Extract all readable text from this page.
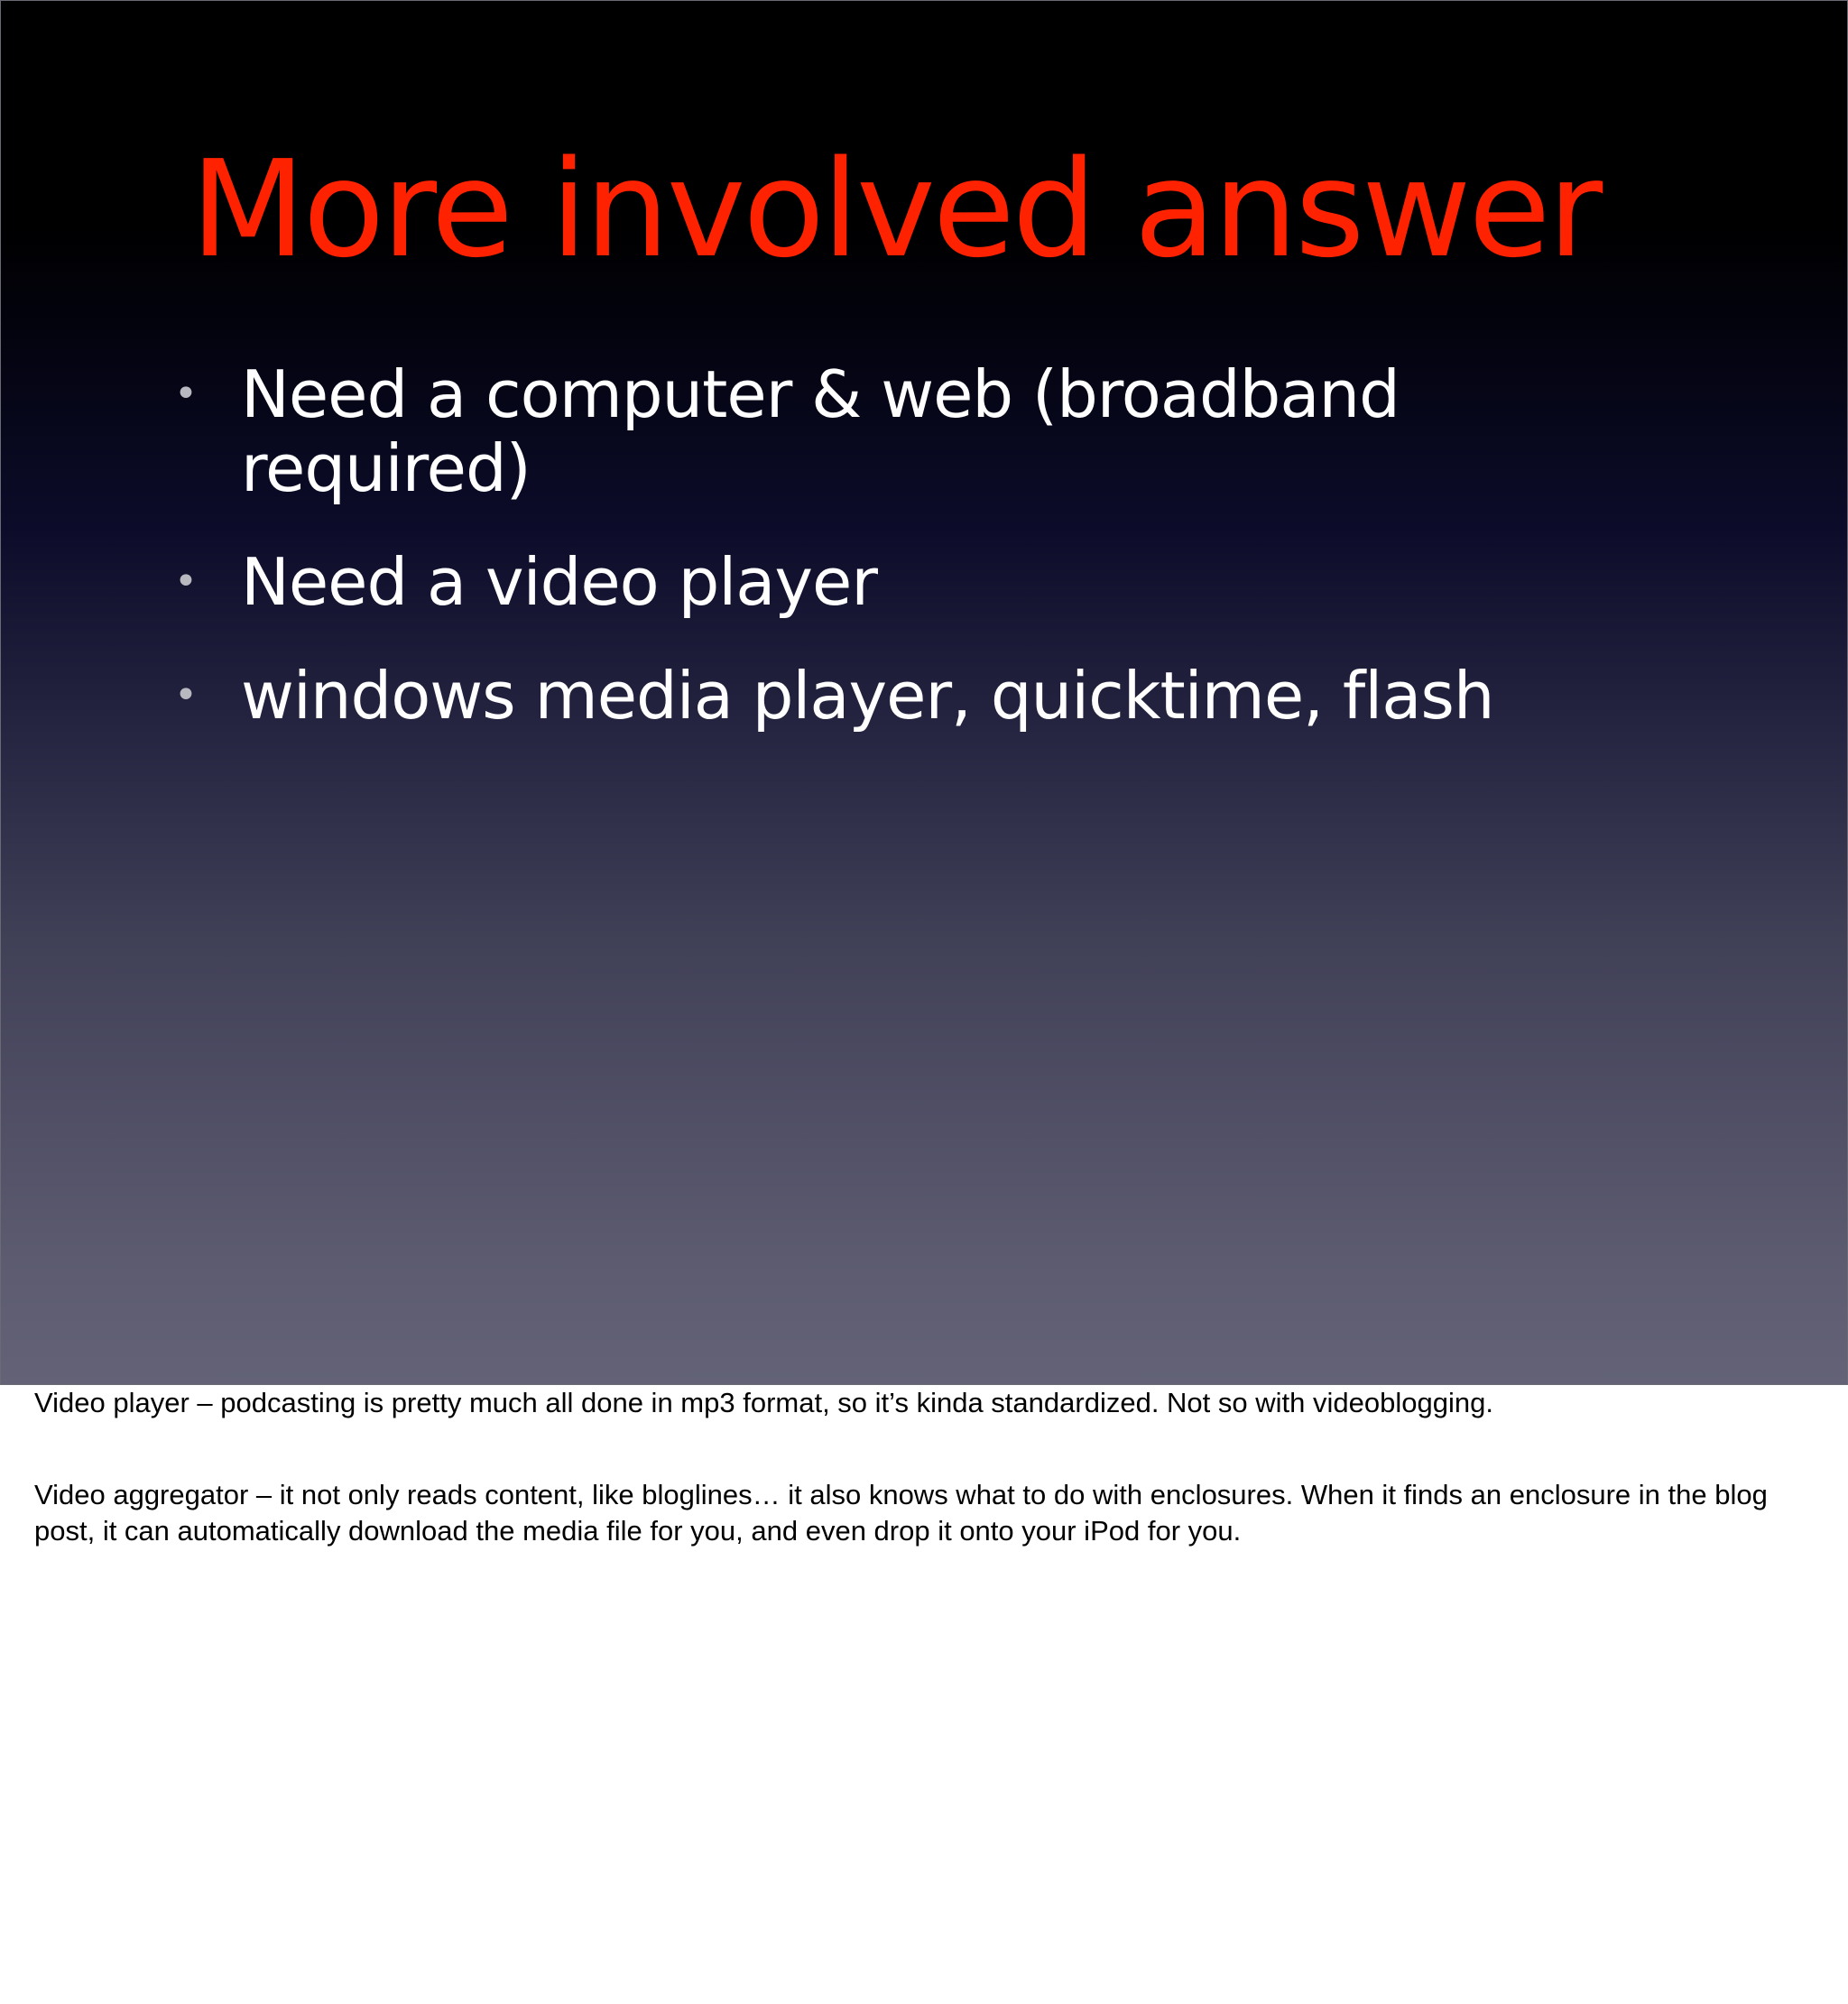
More involved answer
• Need a computer & web (broadband required)
• Need a video player
• windows media player, quicktime, flash

Video player – podcasting is pretty much all done in mp3 format, so it’s kinda standardized. Not so with videoblogging.

Video aggregator – it not only reads content, like bloglines… it also knows what to do with enclosures. When it finds an enclosure in the blog post, it can automatically download the media file for you, and even drop it onto your iPod for you.
